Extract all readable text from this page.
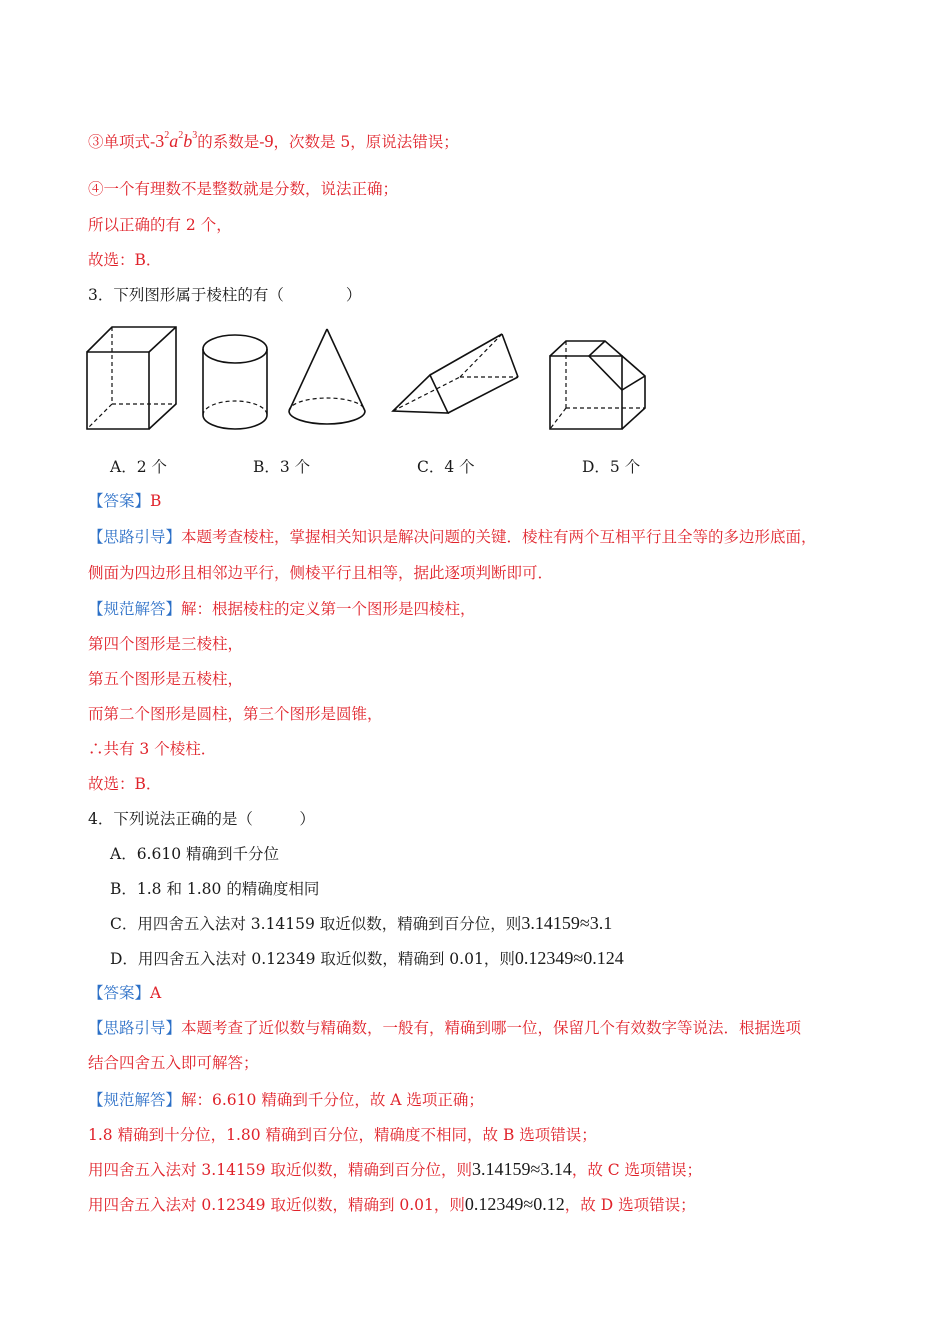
③单项式$-3^2a^2b^3$的系数是-9，次数是 5，原说法错误；
④一个有理数不是整数就是分数，说法正确；
所以正确的有 2 个，
故选：B．
3．下列图形属于棱柱的有（　　　　）
A．2 个	B．3 个	C．4 个	D．5 个
【答案】B
【思路引导】本题考查棱柱，掌握相关知识是解决问题的关键．棱柱有两个互相平行且全等的多边形底面，
侧面为四边形且相邻边平行，侧棱平行且相等，据此逐项判断即可．
【规范解答】解：根据棱柱的定义第一个图形是四棱柱，
第四个图形是三棱柱，
第五个图形是五棱柱，
而第二个图形是圆柱，第三个图形是圆锥，
∴共有 3 个棱柱．
故选：B．
4．下列说法正确的是（　　　）
A．6.610 精确到千分位
B．1.8 和 1.80 的精确度相同
C．用四舍五入法对 3.14159 取近似数，精确到百分位，则3.14159≈3.1
D．用四舍五入法对 0.12349 取近似数，精确到 0.01，则0.12349≈0.124
【答案】A
【思路引导】本题考查了近似数与精确数，一般有，精确到哪一位，保留几个有效数字等说法．根据选项
结合四舍五入即可解答；
【规范解答】解：6.610 精确到千分位，故 A 选项正确；
1.8 精确到十分位，1.80 精确到百分位，精确度不相同，故 B 选项错误；
用四舍五入法对 3.14159 取近似数，精确到百分位，则3.14159≈3.14，故 C 选项错误；
用四舍五入法对 0.12349 取近似数，精确到 0.01，则0.12349≈0.12，故 D 选项错误；
